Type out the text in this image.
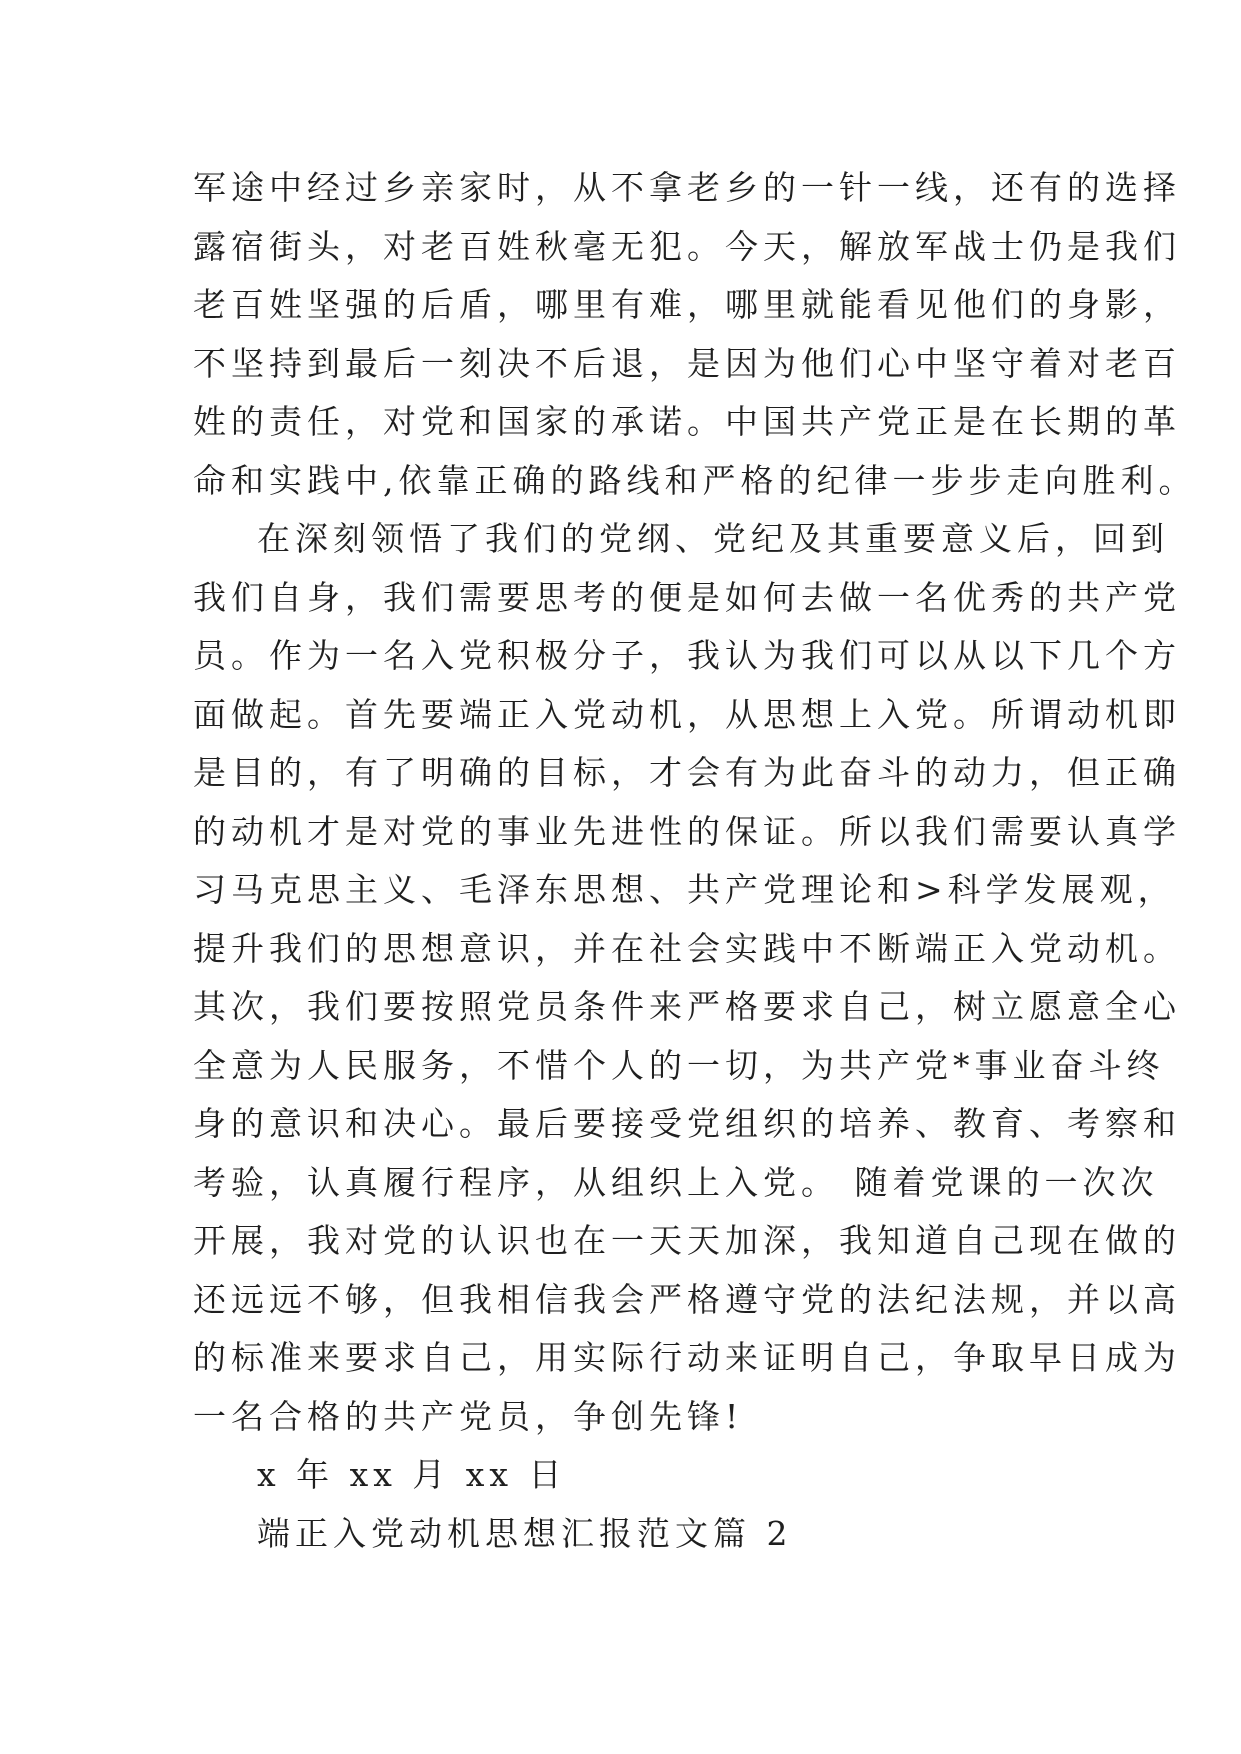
军途中经过乡亲家时，从不拿老乡的一针一线，还有的选择
露宿街头，对老百姓秋毫无犯。今天，解放军战士仍是我们
老百姓坚强的后盾，哪里有难，哪里就能看见他们的身影，
不坚持到最后一刻决不后退，是因为他们心中坚守着对老百
姓的责任，对党和国家的承诺。中国共产党正是在长期的革
命和实践中,依靠正确的路线和严格的纪律一步步走向胜利。
在深刻领悟了我们的党纲、党纪及其重要意义后，回到
我们自身，我们需要思考的便是如何去做一名优秀的共产党
员。作为一名入党积极分子，我认为我们可以从以下几个方
面做起。首先要端正入党动机，从思想上入党。所谓动机即
是目的，有了明确的目标，才会有为此奋斗的动力，但正确
的动机才是对党的事业先进性的保证。所以我们需要认真学
习马克思主义、毛泽东思想、共产党理论和>科学发展观，
提升我们的思想意识，并在社会实践中不断端正入党动机。
其次，我们要按照党员条件来严格要求自己，树立愿意全心
全意为人民服务，不惜个人的一切，为共产党*事业奋斗终
身的意识和决心。最后要接受党组织的培养、教育、考察和
考验，认真履行程序，从组织上入党。 随着党课的一次次
开展，我对党的认识也在一天天加深，我知道自己现在做的
还远远不够，但我相信我会严格遵守党的法纪法规，并以高
的标准来要求自己，用实际行动来证明自己，争取早日成为
一名合格的共产党员，争创先锋!
x 年 xx 月 xx 日
端正入党动机思想汇报范文篇 2
